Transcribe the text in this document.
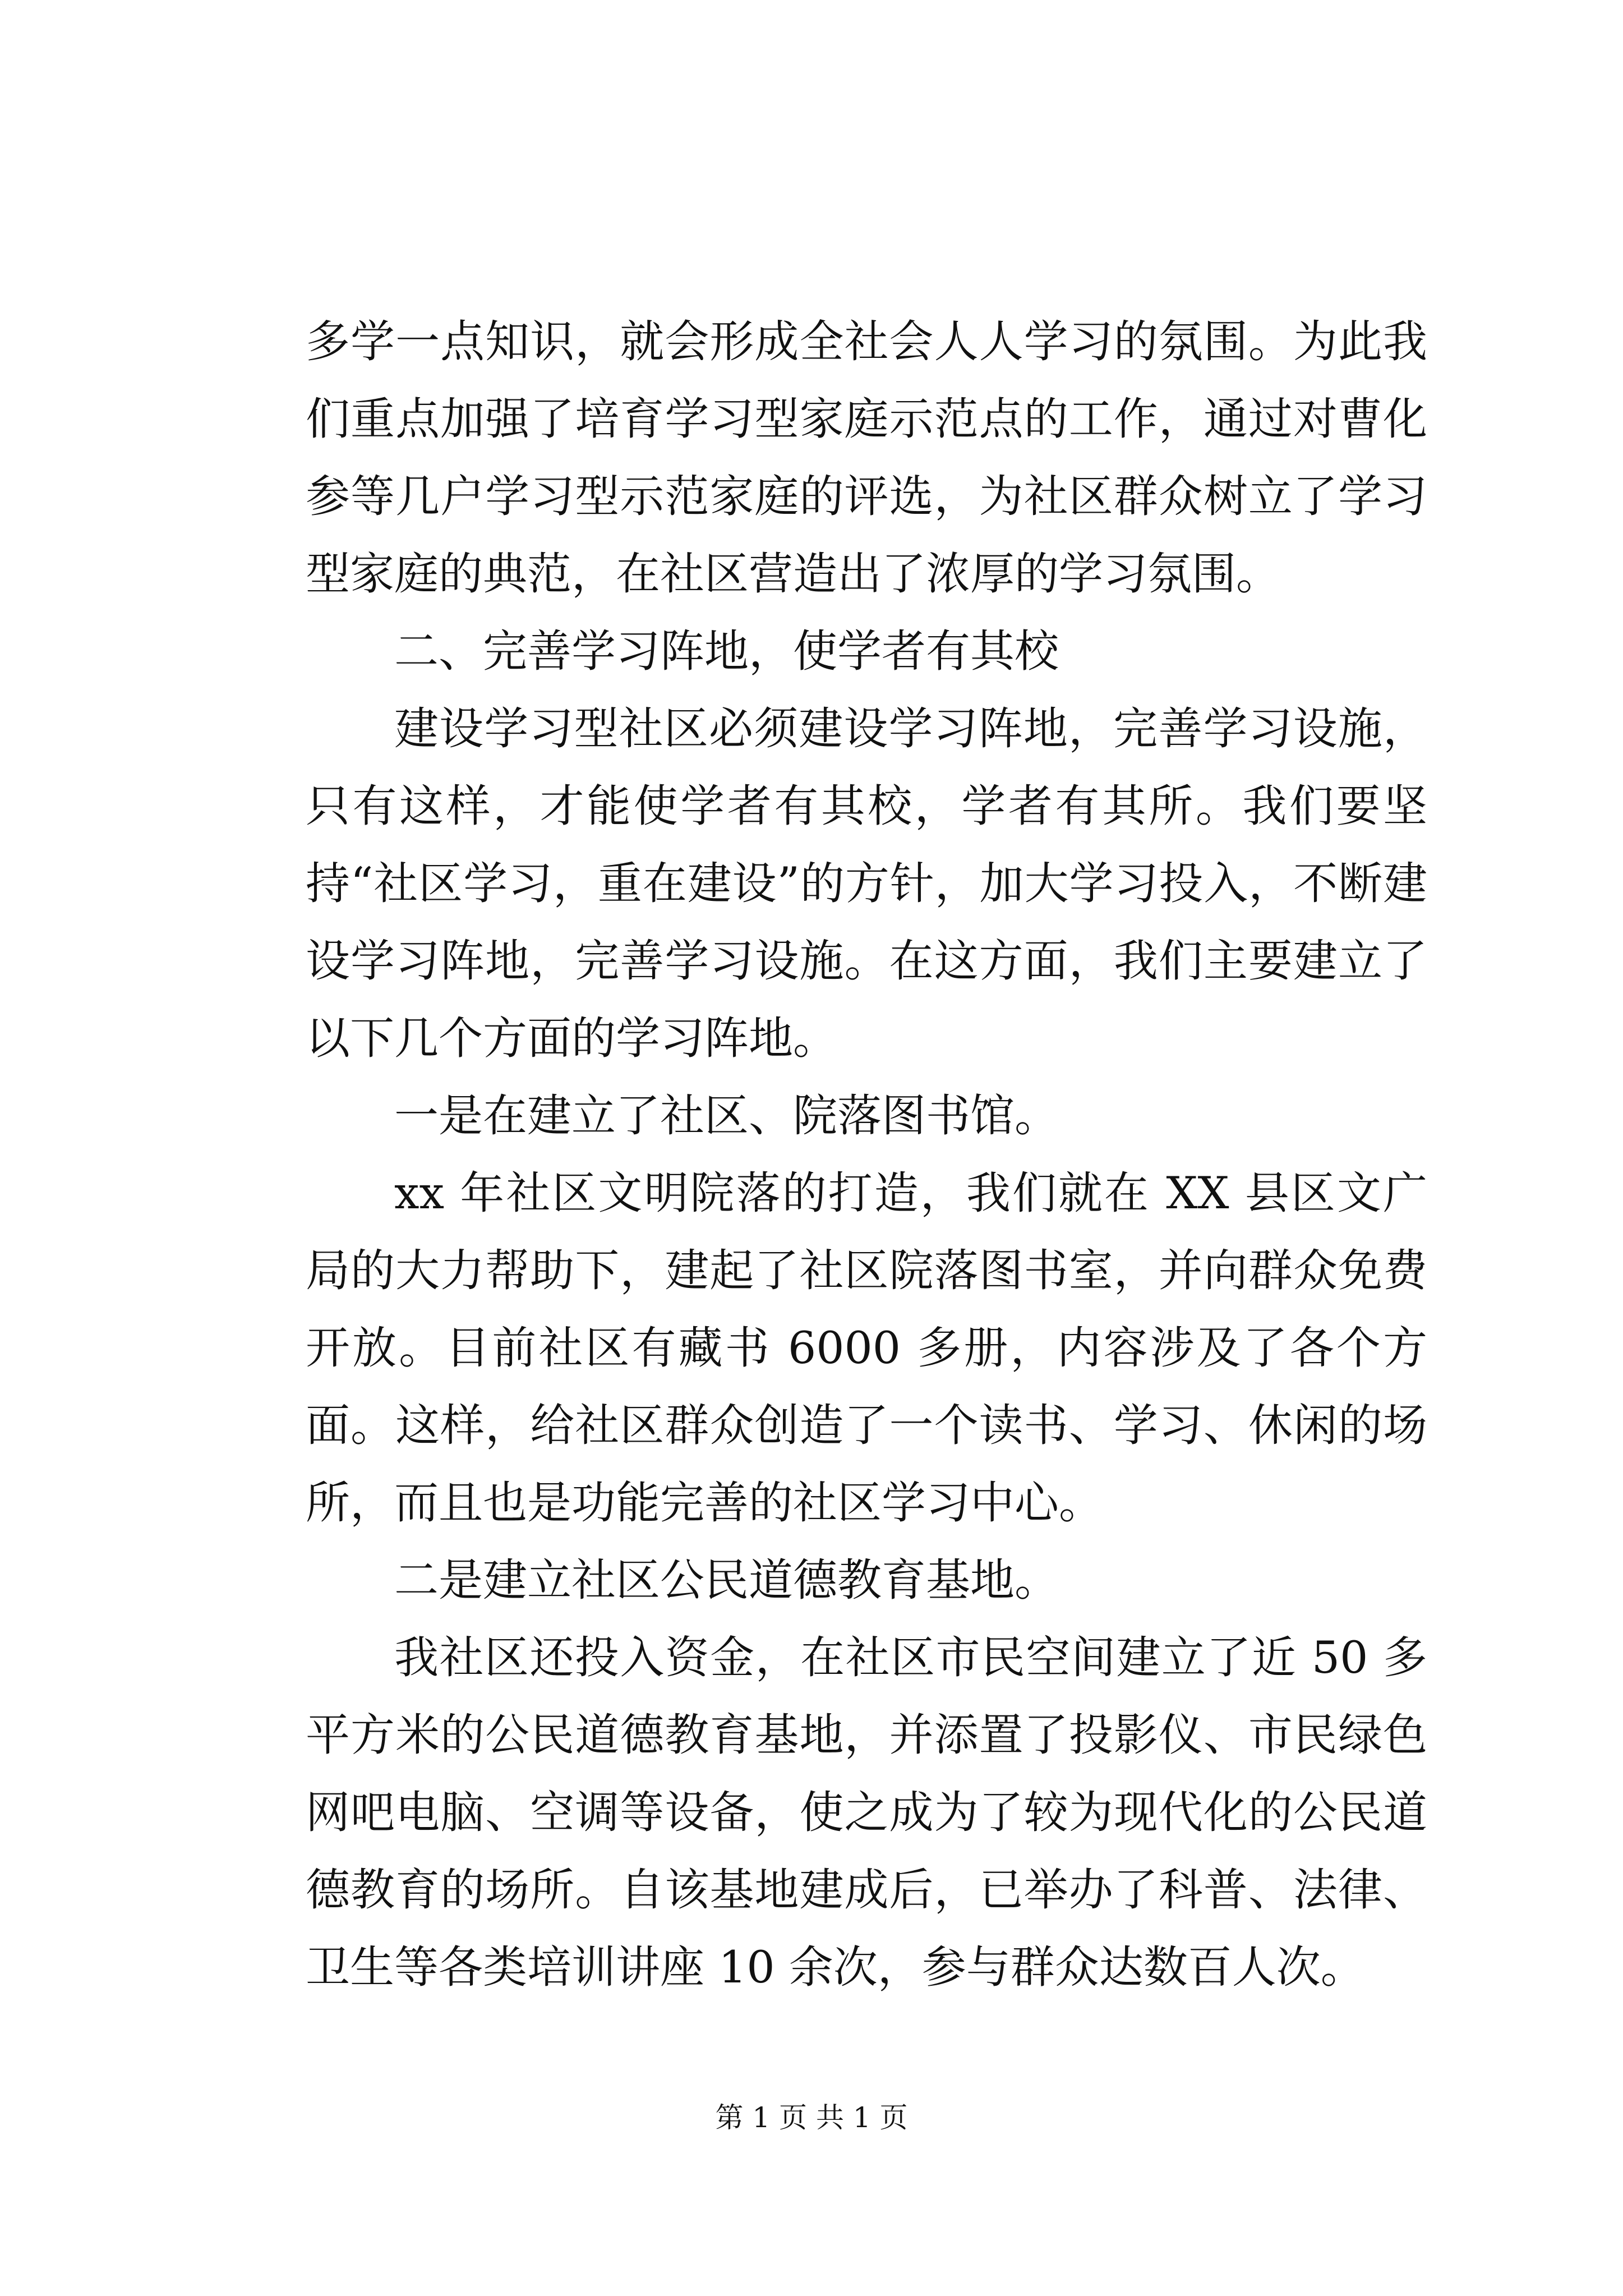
多学一点知识，就会形成全社会人人学习的氛围。为此我们重点加强了培育学习型家庭示范点的工作，通过对曹化参等几户学习型示范家庭的评选，为社区群众树立了学习型家庭的典范，在社区营造出了浓厚的学习氛围。

二、完善学习阵地，使学者有其校

建设学习型社区必须建设学习阵地，完善学习设施，只有这样，才能使学者有其校，学者有其所。我们要坚持“社区学习，重在建设”的方针，加大学习投入，不断建设学习阵地，完善学习设施。在这方面，我们主要建立了以下几个方面的学习阵地。

一是在建立了社区、院落图书馆。

xx 年社区文明院落的打造，我们就在 XX 县区文广局的大力帮助下，建起了社区院落图书室，并向群众免费开放。目前社区有藏书 6000 多册，内容涉及了各个方面。这样，给社区群众创造了一个读书、学习、休闲的场所，而且也是功能完善的社区学习中心。

二是建立社区公民道德教育基地。

我社区还投入资金，在社区市民空间建立了近 50 多平方米的公民道德教育基地，并添置了投影仪、市民绿色网吧电脑、空调等设备，使之成为了较为现代化的公民道德教育的场所。自该基地建成后，已举办了科普、法律、卫生等各类培训讲座 10 余次，参与群众达数百人次。

第 1 页 共 1 页
